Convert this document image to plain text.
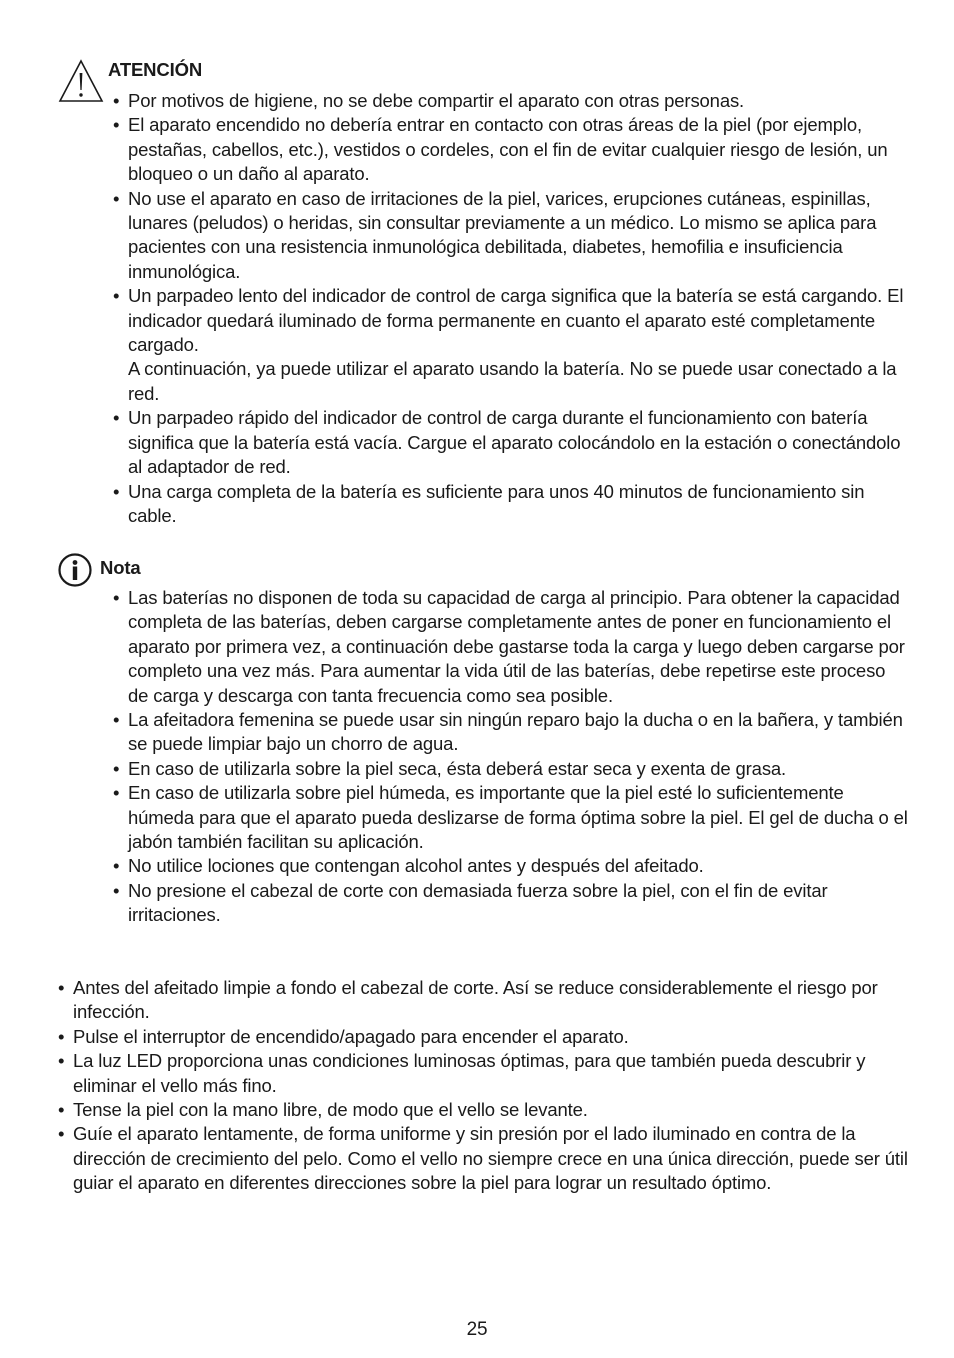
ATENCIÓN
• Por motivos de higiene, no se debe compartir el aparato con otras personas.
• El aparato encendido no debería entrar en contacto con otras áreas de la piel (por ejemplo, pestañas, cabellos, etc.), vestidos o cordeles, con el fin de evitar cualquier riesgo de lesión, un bloqueo o un daño al aparato.
• No use el aparato en caso de irritaciones de la piel, varices, erupciones cutáneas, espinillas, lunares (peludos) o heridas, sin consultar previamente a un médico. Lo mismo se aplica para pacientes con una resistencia inmunológica debilitada, diabetes, hemofilia e insuficiencia inmunológica.
• Un parpadeo lento del indicador de control de carga significa que la batería se está cargando. El indicador quedará iluminado de forma permanente en cuanto el aparato esté completamente cargado.
A continuación, ya puede utilizar el aparato usando la batería. No se puede usar conectado a la red.
• Un parpadeo rápido del indicador de control de carga durante el funcionamiento con batería significa que la batería está vacía. Cargue el aparato colocándolo en la estación o conectándolo al adaptador de red.
• Una carga completa de la batería es suficiente para unos 40 minutos de funcionamiento sin cable.
Nota
• Las baterías no disponen de toda su capacidad de carga al principio. Para obtener la capacidad completa de las baterías, deben cargarse completamente antes de poner en funcionamiento el aparato por primera vez, a continuación debe gastarse toda la carga y luego deben cargarse por completo una vez más. Para aumentar la vida útil de las baterías, debe repetirse este proceso de carga y descarga con tanta frecuencia como sea posible.
• La afeitadora femenina se puede usar sin ningún reparo bajo la ducha o en la bañera, y también se puede limpiar bajo un chorro de agua.
• En caso de utilizarla sobre la piel seca, ésta deberá estar seca y exenta de grasa.
• En caso de utilizarla sobre piel húmeda, es importante que la piel esté lo suficientemente húmeda para que el aparato pueda deslizarse de forma óptima sobre la piel. El gel de ducha o el jabón también facilitan su aplicación.
• No utilice lociones que contengan alcohol antes y después del afeitado.
• No presione el cabezal de corte con demasiada fuerza sobre la piel, con el fin de evitar irritaciones.
• Antes del afeitado limpie a fondo el cabezal de corte. Así se reduce considerablemente el riesgo por infección.
• Pulse el interruptor de encendido/apagado para encender el aparato.
• La luz LED proporciona unas condiciones luminosas óptimas, para que también pueda descubrir y eliminar el vello más fino.
• Tense la piel con la mano libre, de modo que el vello se levante.
• Guíe el aparato lentamente, de forma uniforme y sin presión por el lado iluminado en contra de la dirección de crecimiento del pelo. Como el vello no siempre crece en una única dirección, puede ser útil guiar el aparato en diferentes direcciones sobre la piel para lograr un resultado óptimo.
25
